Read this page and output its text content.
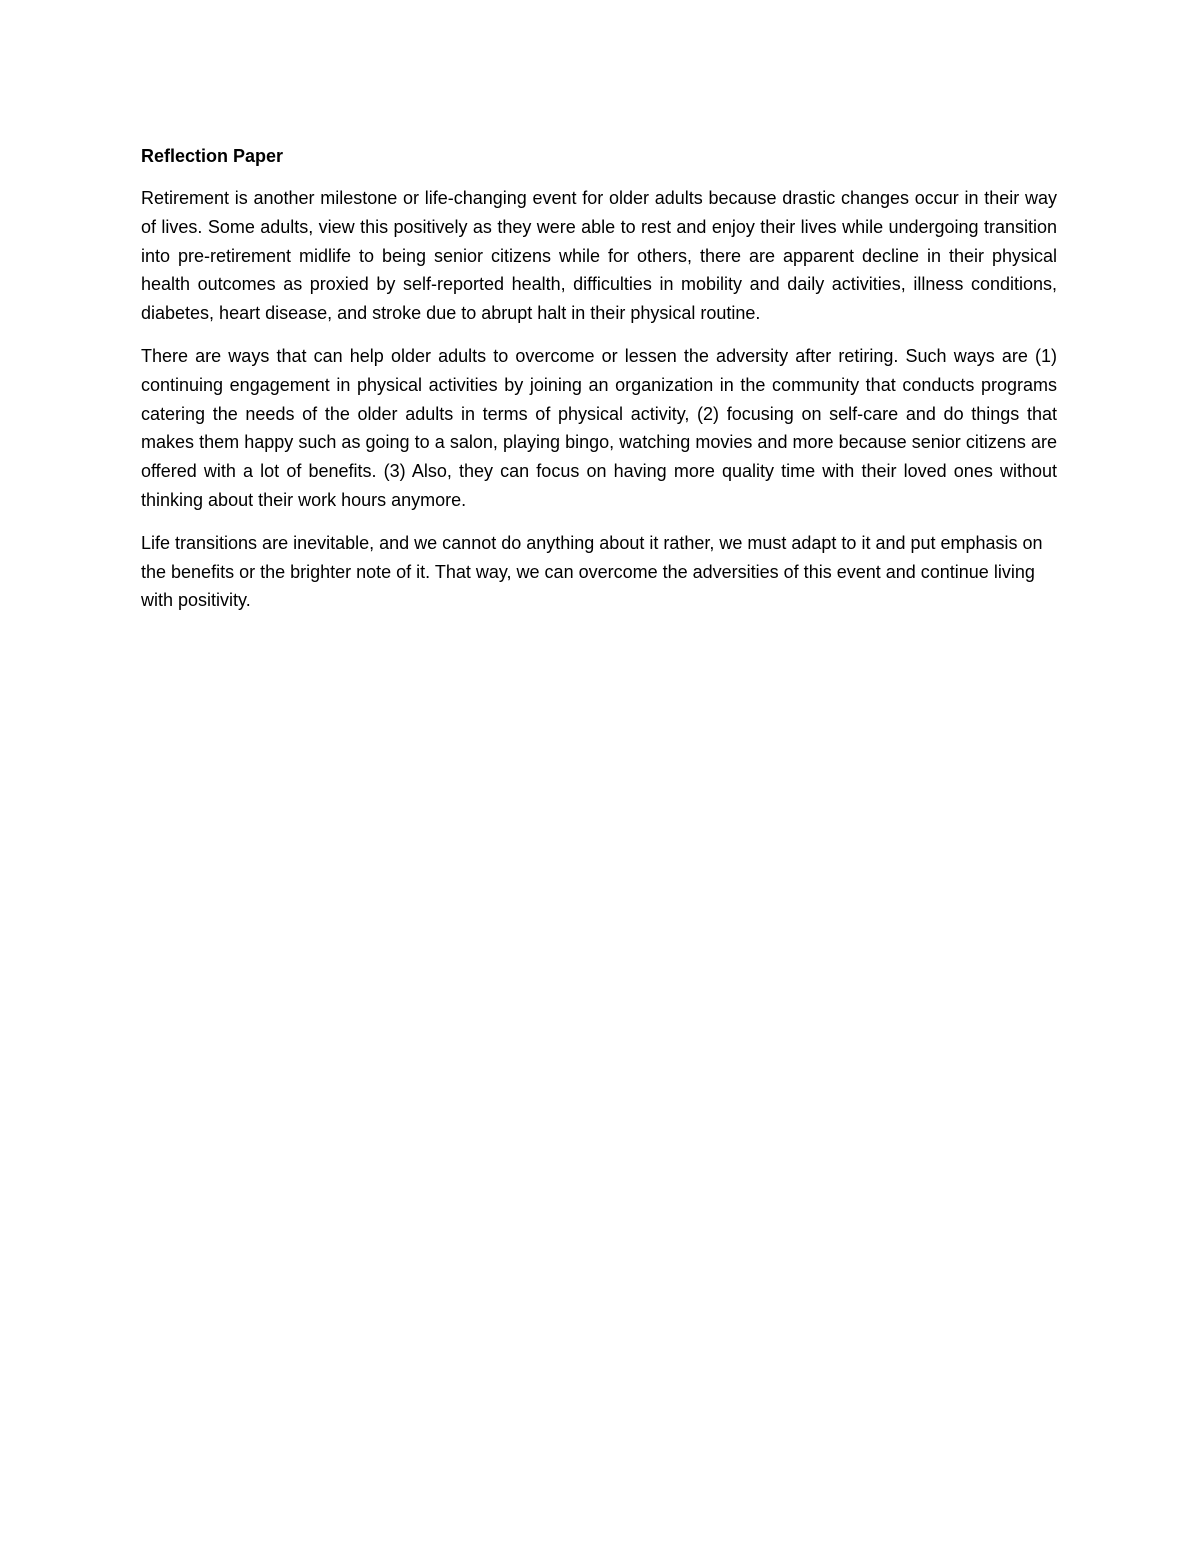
Reflection Paper

Retirement is another milestone or life-changing event for older adults because drastic changes occur in their way of lives. Some adults, view this positively as they were able to rest and enjoy their lives while undergoing transition into pre-retirement midlife to being senior citizens while for others, there are apparent decline in their physical health outcomes as proxied by self-reported health, difficulties in mobility and daily activities, illness conditions, diabetes, heart disease, and stroke due to abrupt halt in their physical routine.

There are ways that can help older adults to overcome or lessen the adversity after retiring. Such ways are (1) continuing engagement in physical activities by joining an organization in the community that conducts programs catering the needs of the older adults in terms of physical activity, (2) focusing on self-care and do things that makes them happy such as going to a salon, playing bingo, watching movies and more because senior citizens are offered with a lot of benefits. (3) Also, they can focus on having more quality time with their loved ones without thinking about their work hours anymore.

Life transitions are inevitable, and we cannot do anything about it rather, we must adapt to it and put emphasis on the benefits or the brighter note of it. That way, we can overcome the adversities of this event and continue living with positivity.
